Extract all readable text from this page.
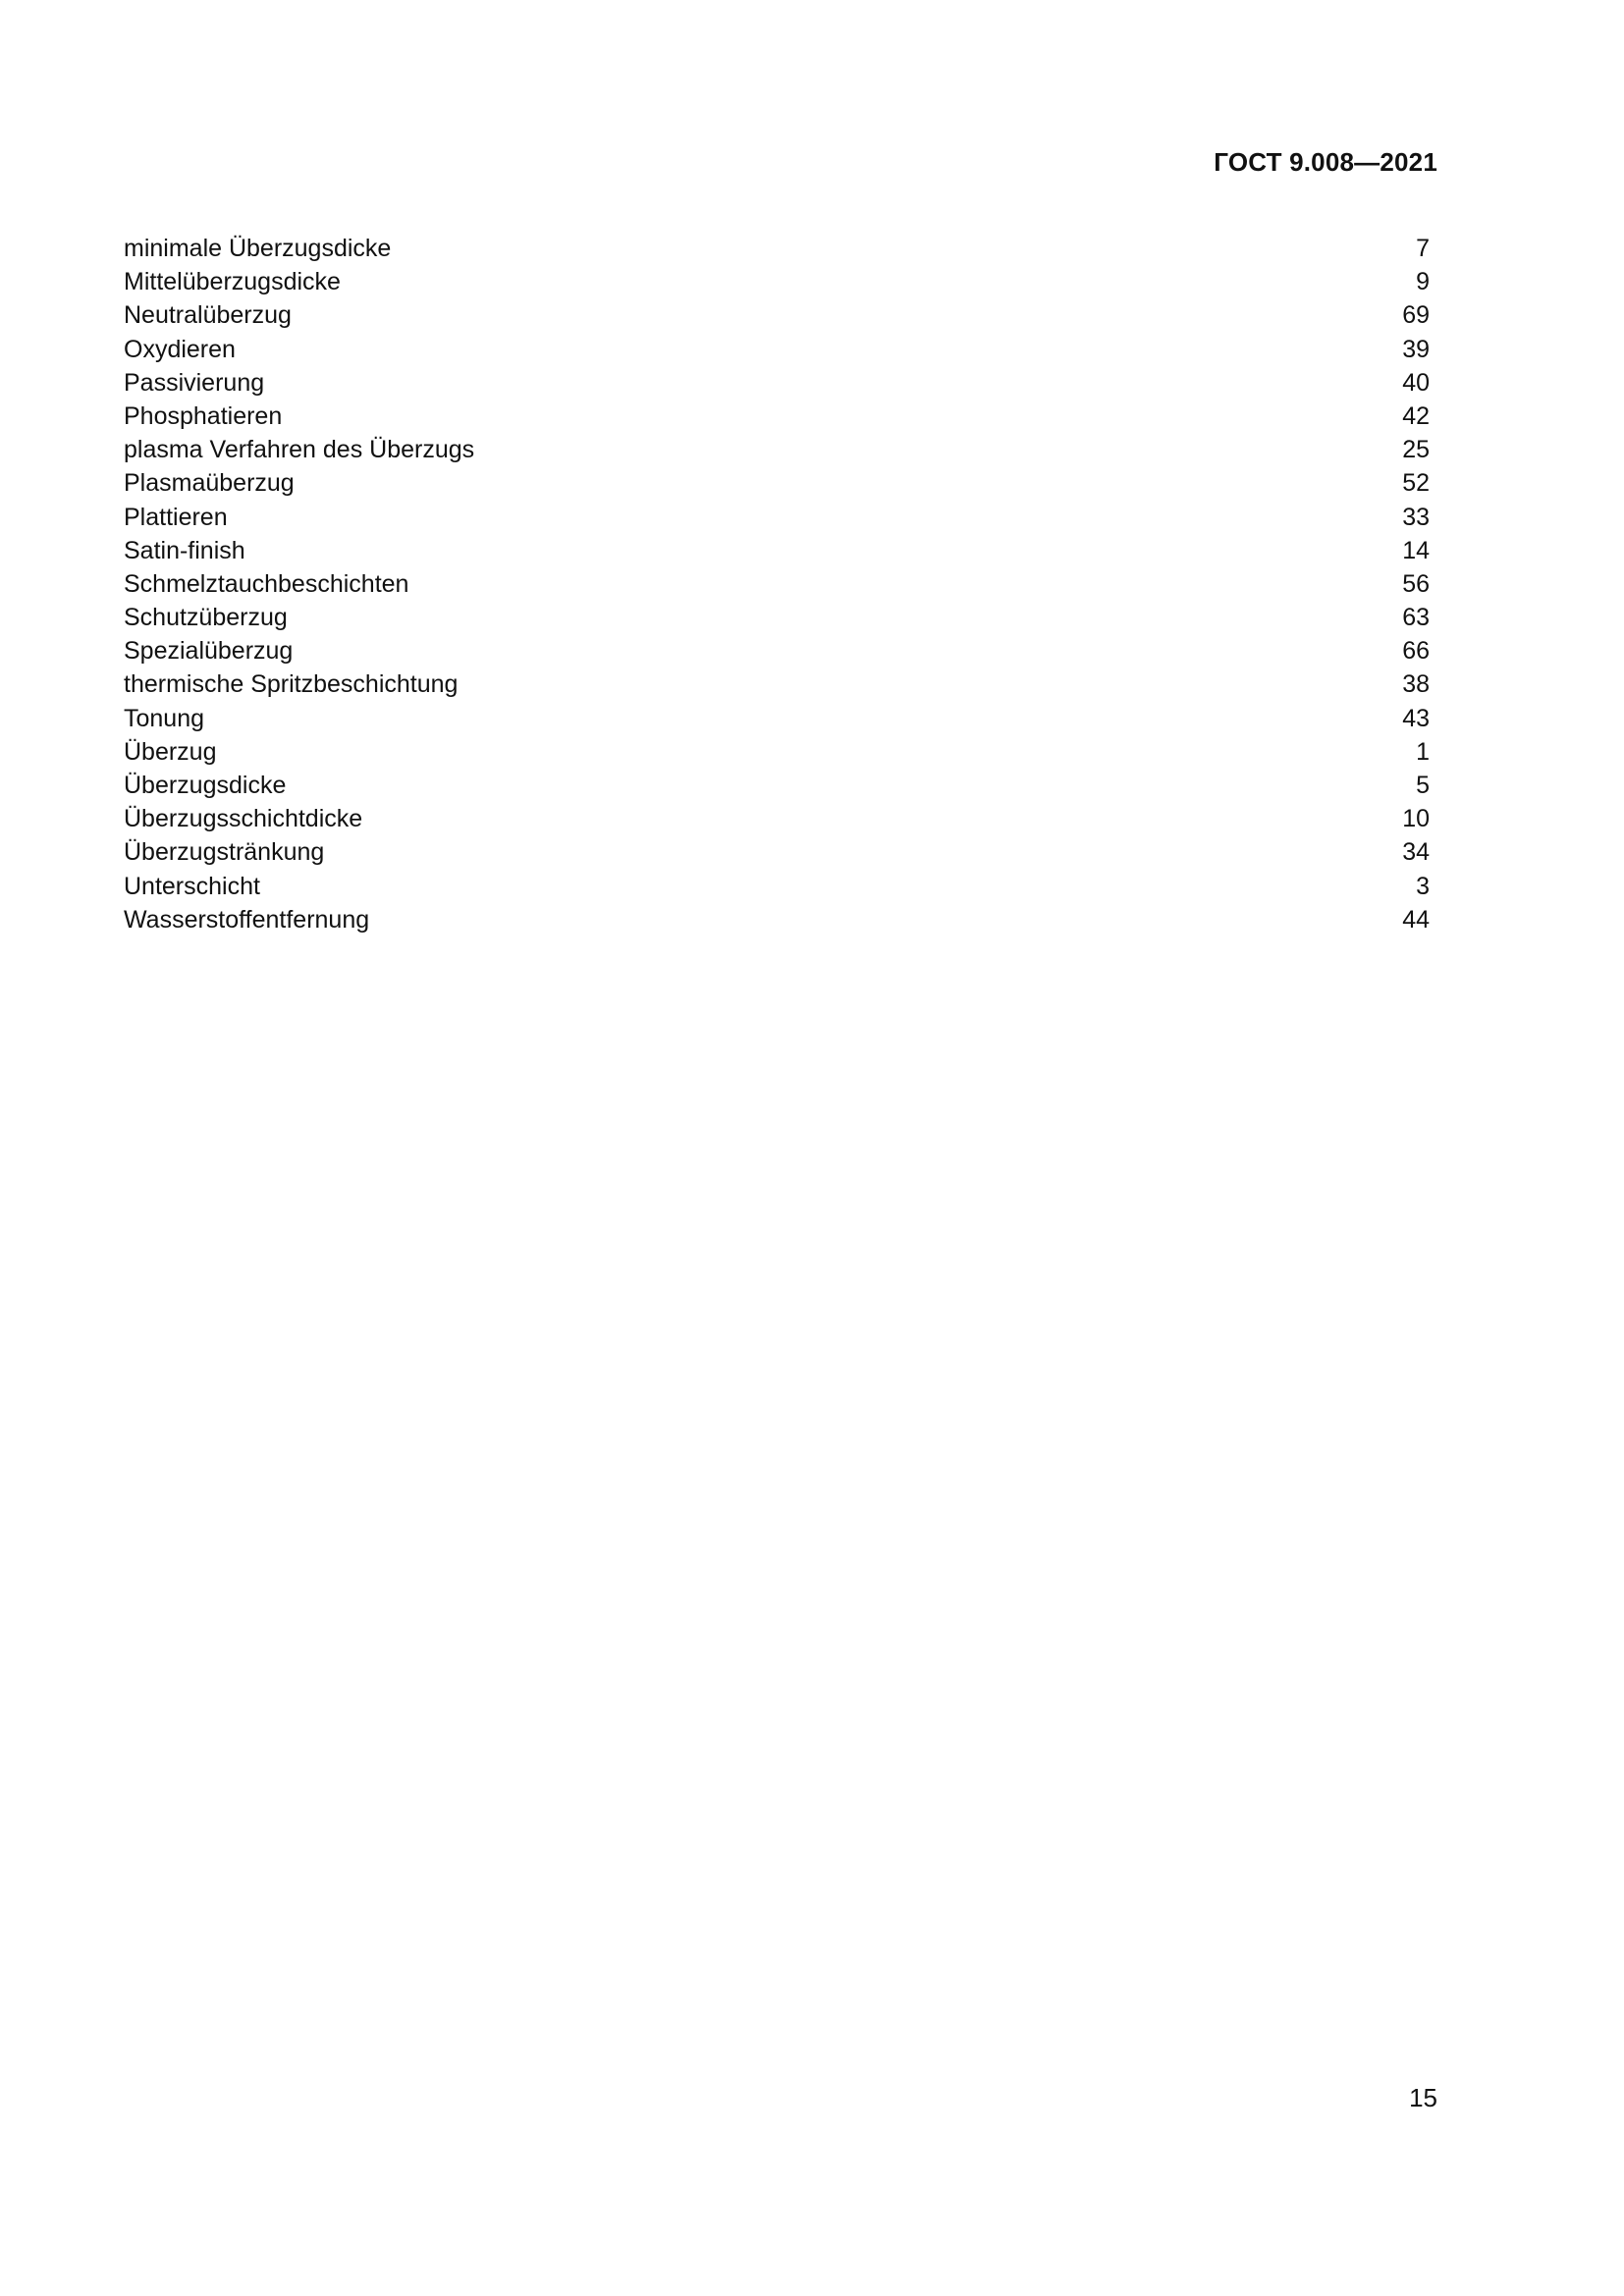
ГОСТ 9.008—2021
minimale Überzugsdicke	7
Mittelüberzugsdicke	9
Neutralüberzug	69
Oxydieren	39
Passivierung	40
Phosphatieren	42
plasma Verfahren des Überzugs	25
Plasmaüberzug	52
Plattieren	33
Satin-finish	14
Schmelztauchbeschichten	56
Schutzüberzug	63
Spezialüberzug	66
thermische Spritzbeschichtung	38
Tonung	43
Überzug	1
Überzugsdicke	5
Überzugsschichtdicke	10
Überzugstränkung	34
Unterschicht	3
Wasserstoffentfernung	44
15
